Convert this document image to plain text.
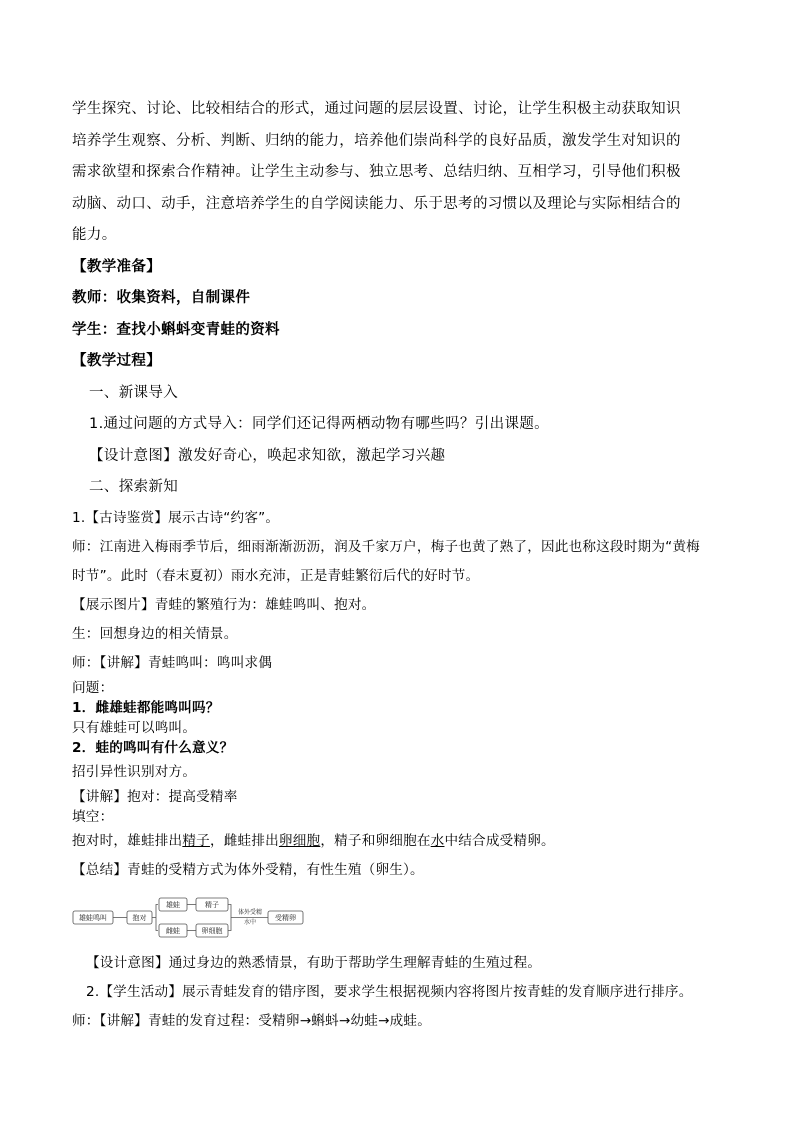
学生探究、讨论、比较相结合的形式，通过问题的层层设置、讨论，让学生积极主动获取知识
培养学生观察、分析、判断、归纳的能力，培养他们崇尚科学的良好品质，激发学生对知识的
需求欲望和探索合作精神。让学生主动参与、独立思考、总结归纳、互相学习，引导他们积极
动脑、动口、动手，注意培养学生的自学阅读能力、乐于思考的习惯以及理论与实际相结合的
能力。
【教学准备】
教师：收集资料，自制课件
学生：查找小蝌蚪变青蛙的资料
【教学过程】
一、新课导入
1.通过问题的方式导入：同学们还记得两栖动物有哪些吗？引出课题。
【设计意图】激发好奇心，唤起求知欲，激起学习兴趣
二、探索新知
1.【古诗鉴赏】展示古诗“约客”。
师：江南进入梅雨季节后，细雨渐渐沥沥，润及千家万户，梅子也黄了熟了，因此也称这段时期为“黄梅
时节”。此时（春末夏初）雨水充沛，正是青蛙繁衍后代的好时节。
【展示图片】青蛙的繁殖行为：雄蛙鸣叫、抱对。
生：回想身边的相关情景。
师：【讲解】青蛙鸣叫：鸣叫求偶
问题：
1．雌雄蛙都能鸣叫吗？
只有雄蛙可以鸣叫。
2．蛙的鸣叫有什么意义？
招引异性识别对方。
【讲解】抱对：提高受精率
填空：
抱对时，雄蛙排出精子，雌蛙排出卵细胞，精子和卵细胞在水中结合成受精卵。
【总结】青蛙的受精方式为体外受精，有性生殖（卵生）。
雄蛙鸣叫	抱对
雄蛙
雌蛙
精子
卵细胞
体外受精
水中
受精卵
【设计意图】通过身边的熟悉情景，有助于帮助学生理解青蛙的生殖过程。
2.【学生活动】展示青蛙发育的错序图，要求学生根据视频内容将图片按青蛙的发育顺序进行排序。
师：【讲解】青蛙的发育过程：受精卵→蝌蚪→幼蛙→成蛙。
